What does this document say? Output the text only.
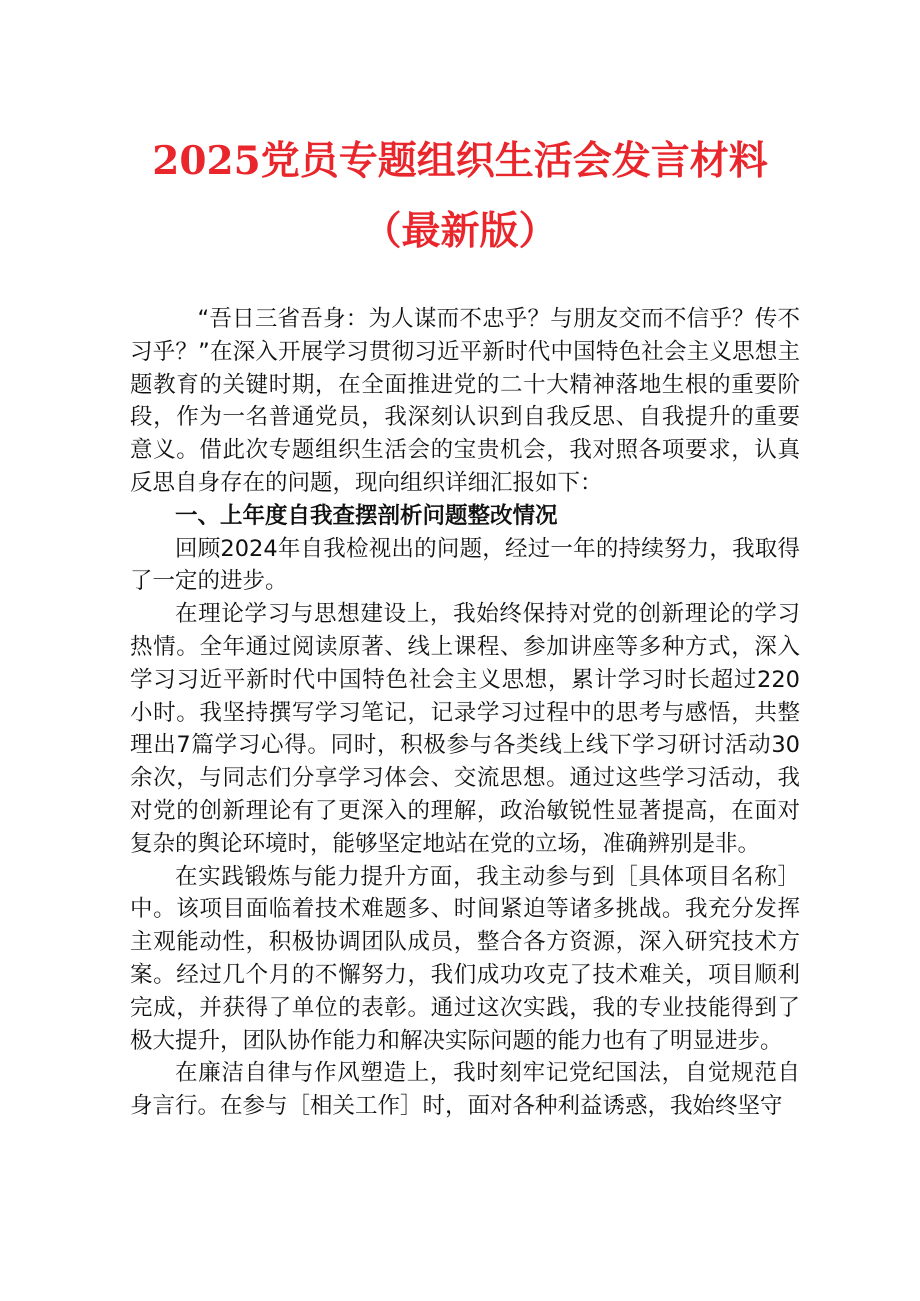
2025党员专题组织生活会发言材料
（最新版）

“吾日三省吾身：为人谋而不忠乎？与朋友交而不信乎？传不习乎？”在深入开展学习贯彻习近平新时代中国特色社会主义思想主题教育的关键时期，在全面推进党的二十大精神落地生根的重要阶段，作为一名普通党员，我深刻认识到自我反思、自我提升的重要意义。借此次专题组织生活会的宝贵机会，我对照各项要求，认真反思自身存在的问题，现向组织详细汇报如下：

一、上年度自我查摆剖析问题整改情况

回顾2024年自我检视出的问题，经过一年的持续努力，我取得了一定的进步。

在理论学习与思想建设上，我始终保持对党的创新理论的学习热情。全年通过阅读原著、线上课程、参加讲座等多种方式，深入学习习近平新时代中国特色社会主义思想，累计学习时长超过220小时。我坚持撰写学习笔记，记录学习过程中的思考与感悟，共整理出7篇学习心得。同时，积极参与各类线上线下学习研讨活动30余次，与同志们分享学习体会、交流思想。通过这些学习活动，我对党的创新理论有了更深入的理解，政治敏锐性显著提高，在面对复杂的舆论环境时，能够坚定地站在党的立场，准确辨别是非。

在实践锻炼与能力提升方面，我主动参与到［具体项目名称］中。该项目面临着技术难题多、时间紧迫等诸多挑战。我充分发挥主观能动性，积极协调团队成员，整合各方资源，深入研究技术方案。经过几个月的不懈努力，我们成功攻克了技术难关，项目顺利完成，并获得了单位的表彰。通过这次实践，我的专业技能得到了极大提升，团队协作能力和解决实际问题的能力也有了明显进步。

在廉洁自律与作风塑造上，我时刻牢记党纪国法，自觉规范自身言行。在参与［相关工作］时，面对各种利益诱惑，我始终坚守
